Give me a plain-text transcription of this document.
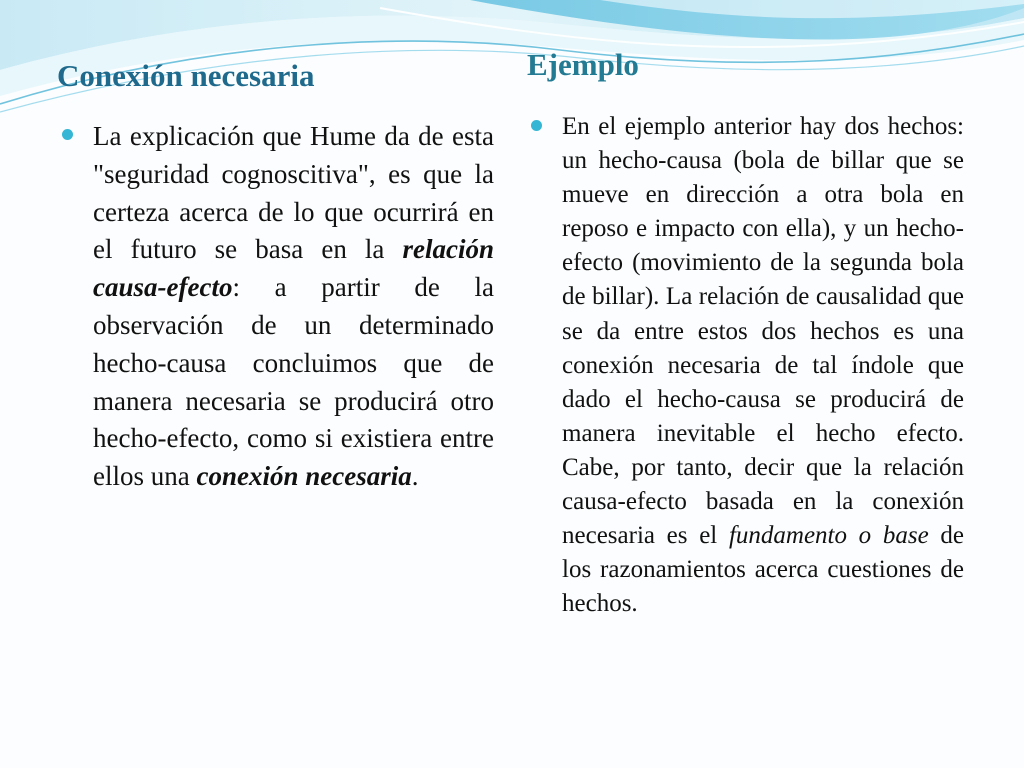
Conexión necesaria	Ejemplo

La explicación que Hume da de esta "seguridad cognoscitiva", es que la certeza acerca de lo que ocurrirá en el futuro se basa en la relación causa-efecto: a partir de la observación de un determinado hecho-causa concluimos que de manera necesaria se producirá otro hecho-efecto, como si existiera entre ellos una conexión necesaria.

En el ejemplo anterior hay dos hechos: un hecho-causa (bola de billar que se mueve en dirección a otra bola en reposo e impacto con ella), y un hecho-efecto (movimiento de la segunda bola de billar). La relación de causalidad que se da entre estos dos hechos es una conexión necesaria de tal índole que dado el hecho-causa se producirá de manera inevitable el hecho efecto. Cabe, por tanto, decir que la relación causa-efecto basada en la conexión necesaria es el fundamento o base de los razonamientos acerca cuestiones de hechos.
